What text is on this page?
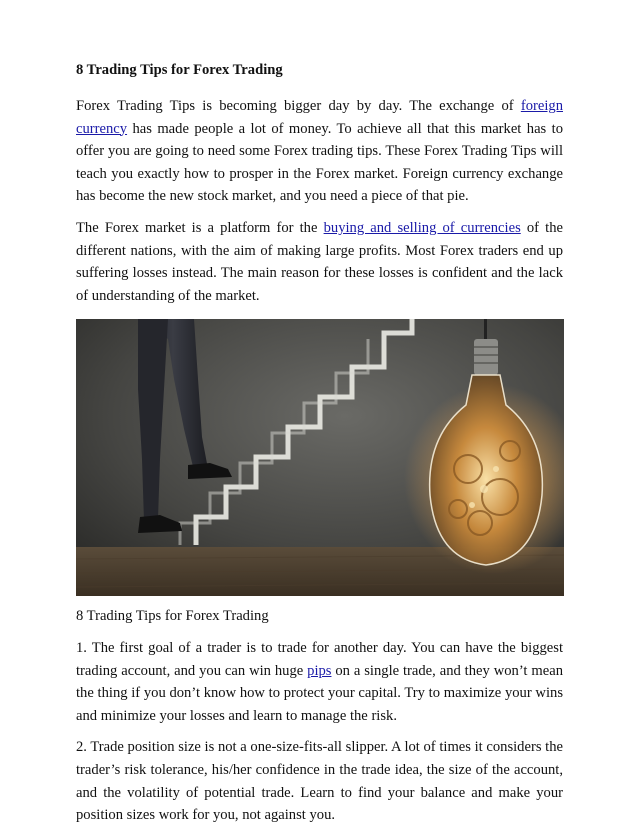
8 Trading Tips for Forex Trading

Forex Trading Tips is becoming bigger day by day. The exchange of foreign currency has made people a lot of money. To achieve all that this market has to offer you are going to need some Forex trading tips. These Forex Trading Tips will teach you exactly how to prosper in the Forex market. Foreign currency exchange has become the new stock market, and you need a piece of that pie.

The Forex market is a platform for the buying and selling of currencies of the different nations, with the aim of making large profits. Most Forex traders end up suffering losses instead. The main reason for these losses is confident and the lack of understanding of the market.

8 Trading Tips for Forex Trading

1. The first goal of a trader is to trade for another day. You can have the biggest trading account, and you can win huge pips on a single trade, and they won’t mean the thing if you don’t know how to protect your capital. Try to maximize your wins and minimize your losses and learn to manage the risk.

2. Trade position size is not a one-size-fits-all slipper. A lot of times it considers the trader’s risk tolerance, his/her confidence in the trade idea, the size of the account, and the volatility of potential trade. Learn to find your balance and make your position sizes work for you, not against you.
